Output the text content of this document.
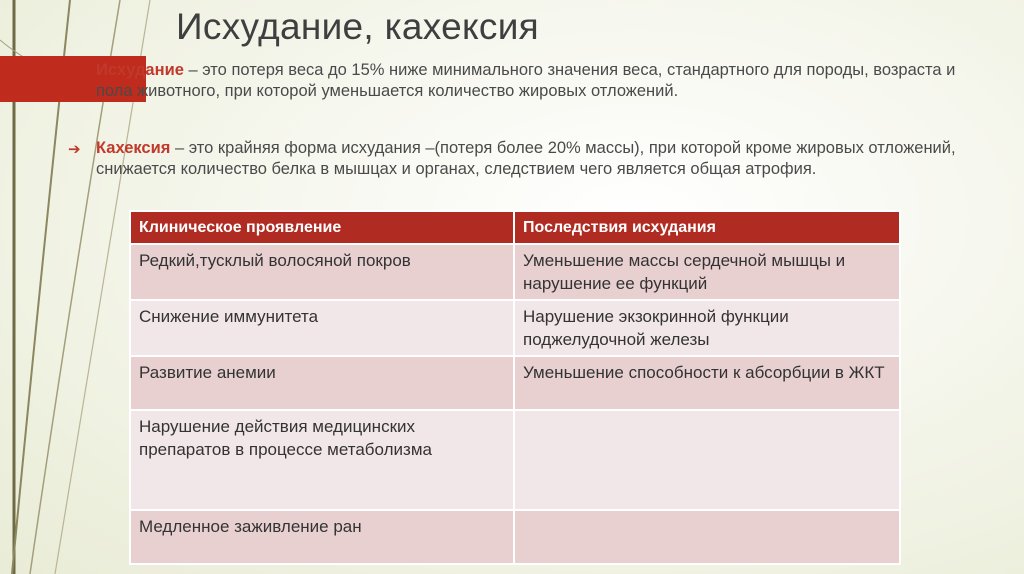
Исхудание, кахексия
Исхудание – это потеря веса до 15% ниже минимального значения веса, стандартного для породы, возраста и пола животного, при которой уменьшается количество жировых отложений.
➔ Кахексия – это крайняя форма исхудания –(потеря более 20% массы), при которой кроме жировых отложений, снижается количество белка в мышцах и органах, следствием чего является общая атрофия.
Клиническое проявление	Последствия исхудания
Редкий,тусклый волосяной покров	Уменьшение массы сердечной мышцы и нарушение ее функций
Снижение иммунитета	Нарушение экзокринной функции поджелудочной железы
Развитие анемии	Уменьшение способности к абсорбции в ЖКТ
Нарушение действия медицинских препаратов в процессе метаболизма	
Медленное заживление ран	
